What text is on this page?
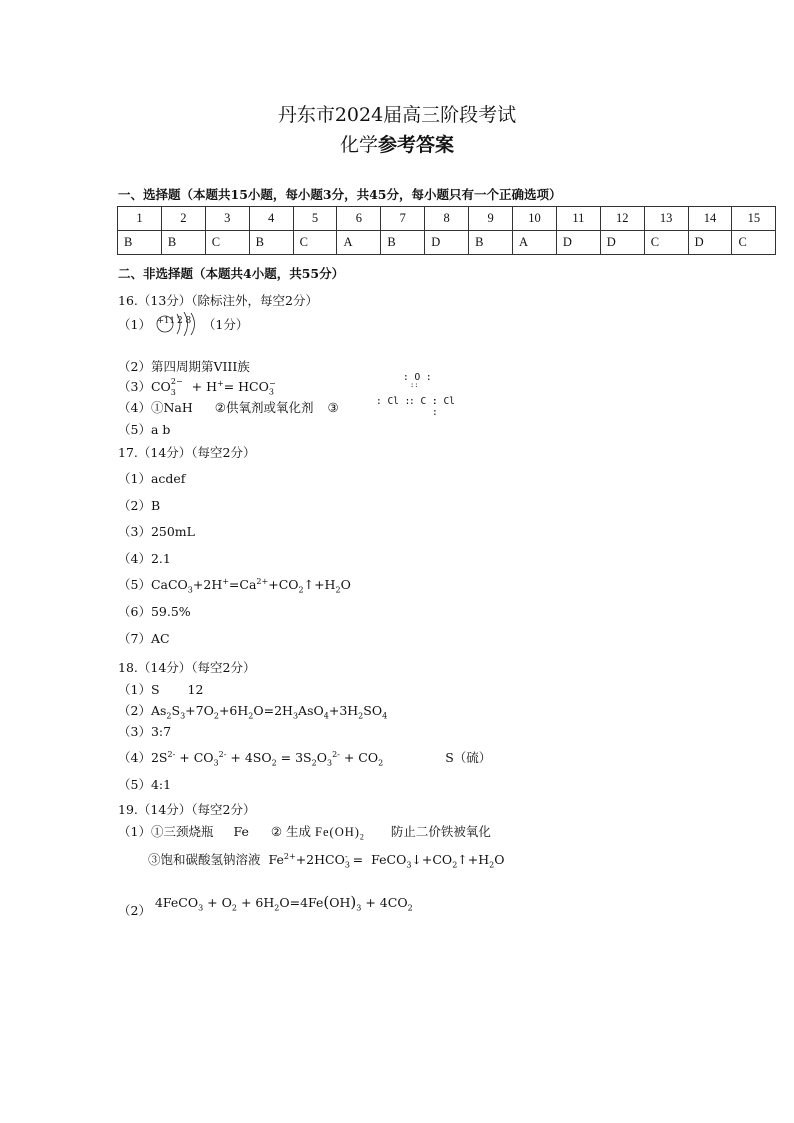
丹东市2024届高三阶段考试
化学参考答案
一、选择题（本题共15小题，每小题3分，共45分，每小题只有一个正确选项）
1	2	3	4	5	6	7	8	9	10	11	12	13	14	15
B	B	C	B	C	A	B	D	B	A	D	D	C	D	C
二、非选择题（本题共4小题，共55分）
16.（13分）（除标注外，每空2分）
（1） +11 2 8 （1分）
（2）第四周期第VIII族
$(3)CO_3^{2-} + H^+= HCO_3^-$
（4）①NaH ②供氧剂或氧化剂 ③
: O :
::
: Cl :
: C :
: Cl :
（5）a b
17.（14分）（每空2分）
（1）acdef
（2）B
（3）250mL
（4）2.1
$(5)CaCO_3+2H^+=Ca^{2+}+CO_2↑+H_2O$
（6）59.5%
（7）AC
18.（14分）（每空2分）
（1）S 12
$(2)As_2S_3+7O_2+6H_2O=2H_3AsO_4+3H_2SO_4$
（3）3:7
$(4)2S^{2-} + CO_3^{2-} + 4SO_2 = 3S_2O_3^{2-} + CO_2$	S（硫）
（5）4:1
19.（14分）（每空2分）
（1）①三颈烧瓶 Fe ② 生成 $Fe(OH)_2$ 防止二价铁被氧化
③饱和碳酸氢钠溶液 $Fe^{2+}+2HCO_3^-$ = $FeCO_3↓+CO_2↑+H_2O$
（2）4FeCO$_3$ + $O_2 + 6H_2O=4Fe(OH)_3 + 4CO_2$
